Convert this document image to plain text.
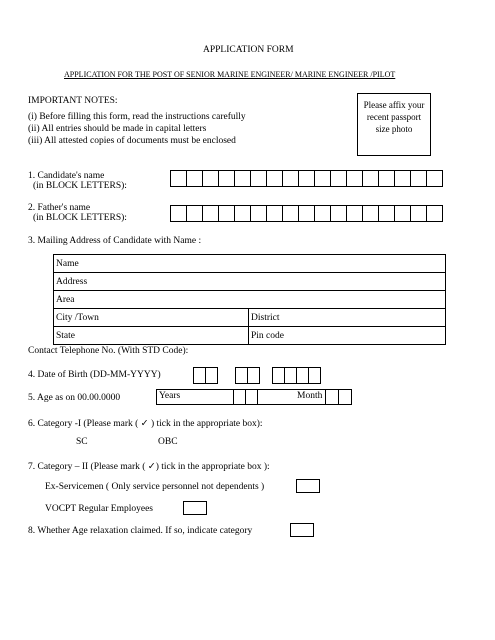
APPLICATION FORM
APPLICATION FOR THE POST OF SENIOR MARINE ENGINEER/ MARINE ENGINEER /PILOT
IMPORTANT NOTES:
(i) Before filling this form, read the instructions carefully
(ii) All entries should be made in capital letters
(iii) All attested copies of documents must be enclosed
Please affix your
recent passport
size photo
1. Candidate's name
(in BLOCK LETTERS):
2. Father's name
(in BLOCK LETTERS):
3. Mailing Address of Candidate with Name :
Name	
Address	
Area	
City /Town	District
State	Pin code
Contact Telephone No. (With STD Code):
4. Date of Birth (DD-MM-YYYY)
5. Age as on 00.00.0000	Years	Month
6. Category -I (Please mark ( ✓ ) tick in the appropriate box):
SC	OBC
7. Category – II (Please mark ( ✓) tick in the appropriate box ):
Ex-Servicemen ( Only service personnel not dependents )
VOCPT Regular Employees
8. Whether Age relaxation claimed. If so, indicate category
